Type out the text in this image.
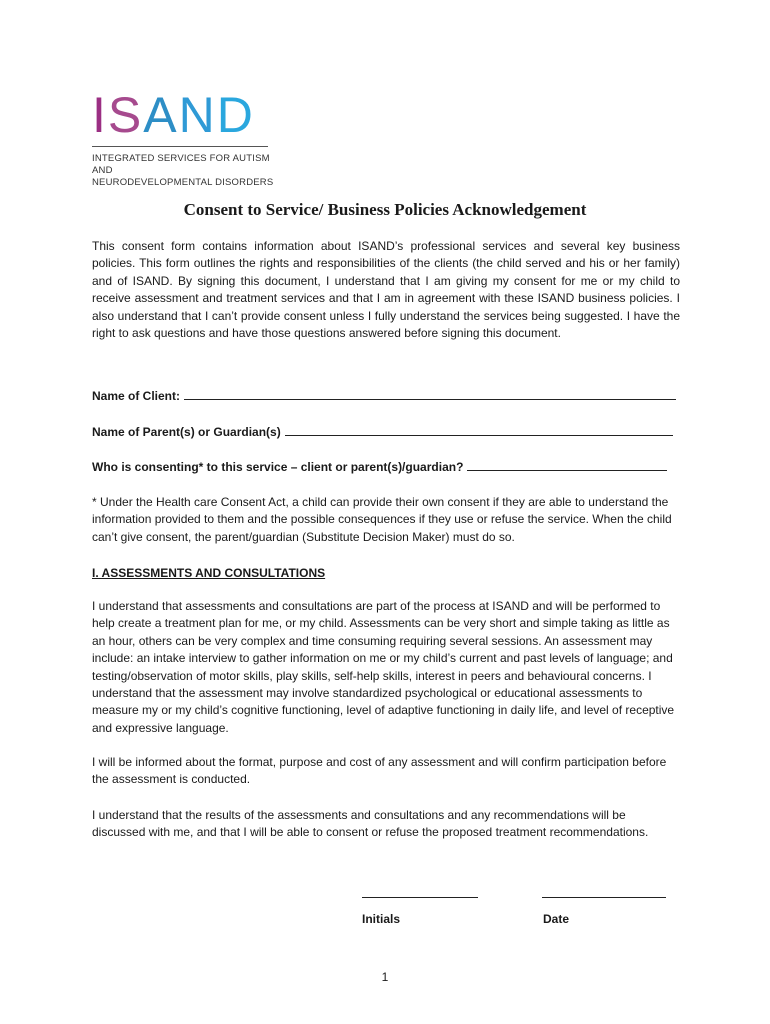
I S A N D
INTEGRATED SERVICES FOR AUTISM AND
NEURODEVELOPMENTAL DISORDERS
Consent to Service/ Business Policies Acknowledgement
This consent form contains information about ISAND’s professional services and several key business policies. This form outlines the rights and responsibilities of the clients (the child served and his or her family) and of ISAND. By signing this document, I understand that I am giving my consent for me or my child to receive assessment and treatment services and that I am in agreement with these ISAND business policies. I also understand that I can’t provide consent unless I fully understand the services being suggested. I have the right to ask questions and have those questions answered before signing this document.
Name of Client:
Name of Parent(s) or Guardian(s)
Who is consenting* to this service – client or parent(s)/guardian?
* Under the Health care Consent Act, a child can provide their own consent if they are able to understand the information provided to them and the possible consequences if they use or refuse the service. When the child can’t give consent, the parent/guardian (Substitute Decision Maker) must do so.
I. ASSESSMENTS AND CONSULTATIONS
I understand that assessments and consultations are part of the process at ISAND and will be performed to help create a treatment plan for me, or my child. Assessments can be very short and simple taking as little as an hour, others can be very complex and time consuming requiring several sessions. An assessment may include: an intake interview to gather information on me or my child’s current and past levels of language; and testing/observation of motor skills, play skills, self-help skills, interest in peers and behavioural concerns. I understand that the assessment may involve standardized psychological or educational assessments to measure my or my child’s cognitive functioning, level of adaptive functioning in daily life, and level of receptive and expressive language.
I will be informed about the format, purpose and cost of any assessment and will confirm participation before the assessment is conducted.
I understand that the results of the assessments and consultations and any recommendations will be discussed with me, and that I will be able to consent or refuse the proposed treatment recommendations.
Initials	Date
1
